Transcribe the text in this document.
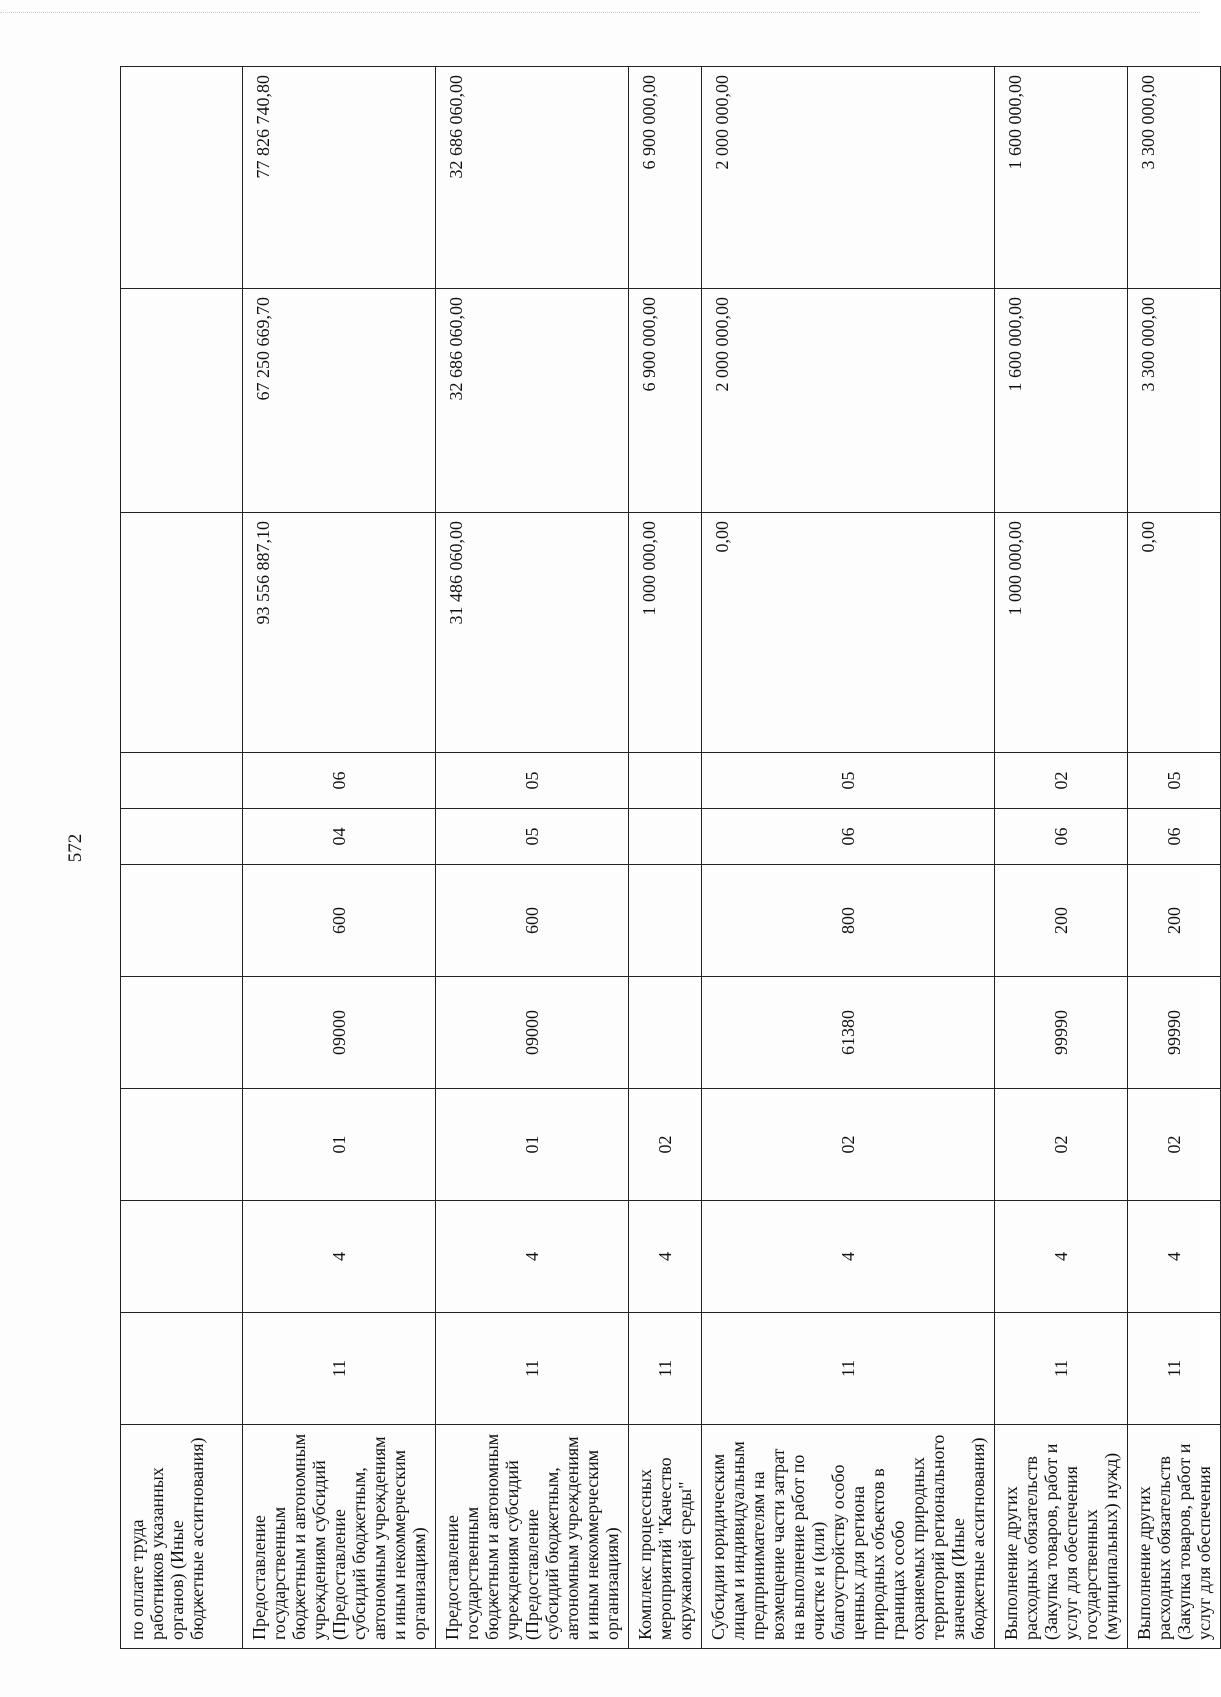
572
по оплате труда работников указанных органов) (Иные бюджетные ассигнования)										
Предоставление государственным бюджетным и автономным учреждениям субсидий (Предоставление субсидий бюджетным, автономным учреждениям и иным некоммерческим организациям)	11	4	01	09000	600	04	06	93 556 887,10	67 250 669,70	77 826 740,80
Предоставление государственным бюджетным и автономным учреждениям субсидий (Предоставление субсидий бюджетным, автономным учреждениям и иным некоммерческим организациям)	11	4	01	09000	600	05	05	31 486 060,00	32 686 060,00	32 686 060,00
Комплекс процессных мероприятий "Качество окружающей среды"	11	4	02					1 000 000,00	6 900 000,00	6 900 000,00
Субсидии юридическим лицам и индивидуальным предпринимателям на возмещение части затрат на выполнение работ по очистке и (или) благоустройству особо ценных для региона природных объектов в границах особо охраняемых природных территорий регионального значения (Иные бюджетные ассигнования)	11	4	02	61380	800	06	05	0,00	2 000 000,00	2 000 000,00
Выполнение других расходных обязательств (Закупка товаров, работ и услуг для обеспечения государственных (муниципальных) нужд)	11	4	02	99990	200	06	02	1 000 000,00	1 600 000,00	1 600 000,00
Выполнение других расходных обязательств (Закупка товаров, работ и услуг для обеспечения	11	4	02	99990	200	06	05	0,00	3 300 000,00	3 300 000,00
